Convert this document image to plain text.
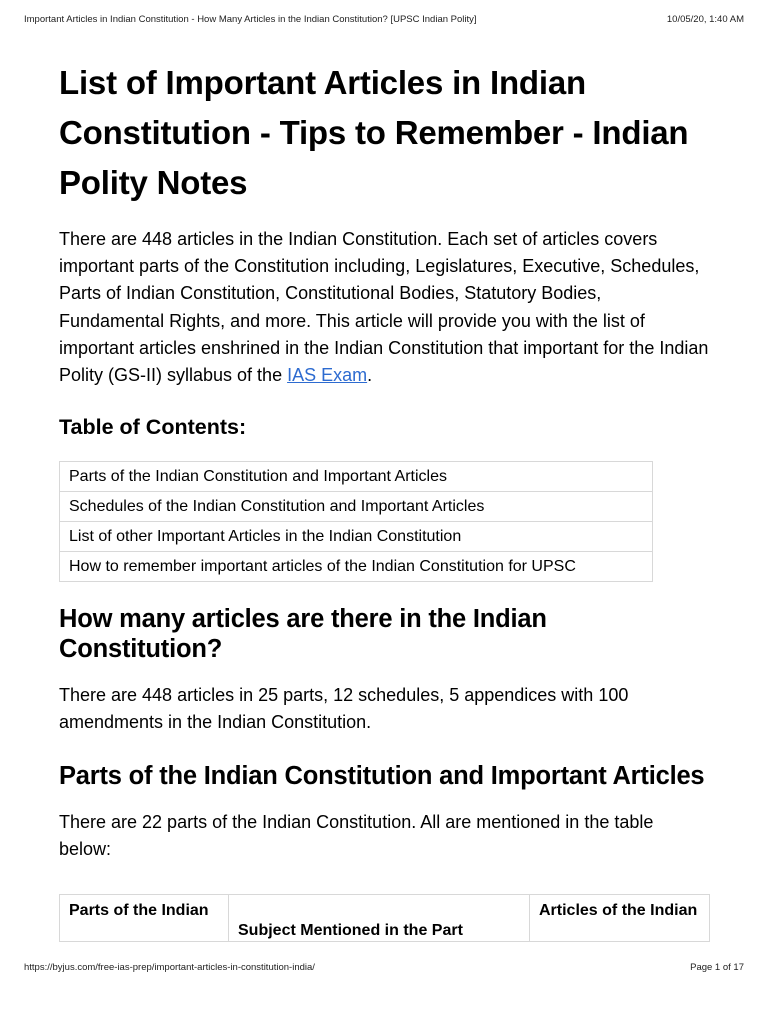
Important Articles in Indian Constitution - How Many Articles in the Indian Constitution? [UPSC Indian Polity]	10/05/20, 1:40 AM
List of Important Articles in Indian Constitution - Tips to Remember - Indian Polity Notes

There are 448 articles in the Indian Constitution. Each set of articles covers important parts of the Constitution including, Legislatures, Executive, Schedules, Parts of Indian Constitution, Constitutional Bodies, Statutory Bodies, Fundamental Rights, and more. This article will provide you with the list of important articles enshrined in the Indian Constitution that important for the Indian Polity (GS-II) syllabus of the IAS Exam.

Table of Contents:
Parts of the Indian Constitution and Important Articles
Schedules of the Indian Constitution and Important Articles
List of other Important Articles in the Indian Constitution
How to remember important articles of the Indian Constitution for UPSC
How many articles are there in the Indian Constitution?

There are 448 articles in 25 parts, 12 schedules, 5 appendices with 100 amendments in the Indian Constitution.

Parts of the Indian Constitution and Important Articles

There are 22 parts of the Indian Constitution. All are mentioned in the table below:

Parts of the Indian	Subject Mentioned in the Part	Articles of the Indian
https://byjus.com/free-ias-prep/important-articles-in-constitution-india/	Page 1 of 17
